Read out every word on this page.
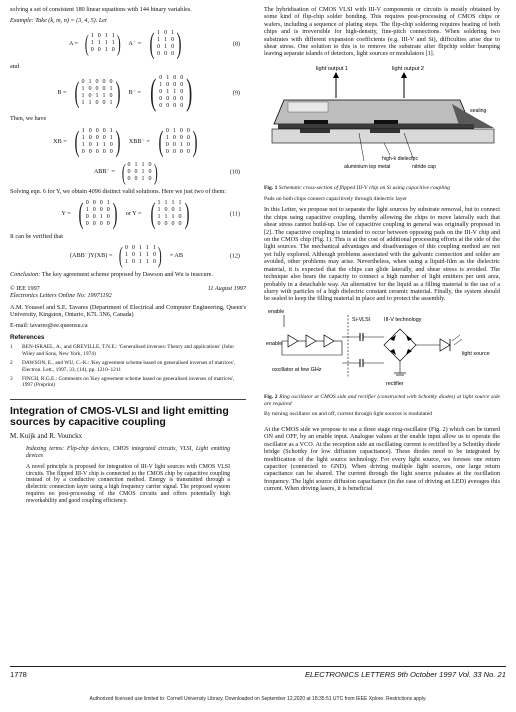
solving a set of consistent 180 linear equations with 144 binary variables.

Example: Take (k, m, n) = (3, 4, 5). Let

A = ( 1 0 1 1
1 1 1 1
0 0 1 0 ) A⁻ = ( 1 0 1
1 1 0
0 1 0
0 0 0 )	(8)

and

B = ( 0 1 0 0 0
1 0 0 0 1
1 0 1 1 0
1 1 0 0 1 ) B⁻ = ( 0 1 0 0
1 0 0 0
0 1 1 0
0 0 0 0
0 0 0 0 )	(9)

Then, we have

XB = ( 1 0 0 0 1
1 0 0 0 1
1 0 1 1 0
0 0 0 0 0 ) XBB⁻ = ( 0 1 0 0
1 0 0 0
0 0 1 0
0 0 0 0 )
ABB⁻ = ( 0 1 1 0
0 0 1 0
0 0 1 0 )	(10)

Solving eqn. 6 for Y, we obtain 4096 distinct valid solutions. Here we just two of them:

Y = ( 0 0 0 1
1 0 0 0
0 0 1 0
0 0 0 0 ) or Y = ( 1 1 1 1
1 0 0 1
1 1 1 0
0 0 0 0 )	(11)

It can be verified that

(ABB⁻)Y(XB) = ( 0 0 1 1 1
1 0 1 1 0
1 0 1 1 0 ) = AB	(12)

Conclusion: The key agreement scheme proposed by Dawson and Wu is insecure.

© IEE 1997	11 August 1997

Electronics Letters Online No: 19971192

A.M. Youssef and S.E. Tavares (Department of Electrical and Computer Engineering, Queen's University, Kingston, Ontario, K7L 3N6, Canada)

E-mail: tavares@ee.queensu.ca

References
1	BEN-ISRAEL, A., and GREVILLE, T.N.E.: 'Generalised inverses: Theory and applications' (John Wiley and Sons, New York, 1974)
2	DAWSON, E., and WU, C.-K.: 'Key agreement scheme based on generalised inverses of matrices', Electron. Lett., 1997, 33, (14), pp. 1210–1211
3	FINCH, R.G.E.: Comments on 'Key agreement scheme based on generalised inverses of matrices', 1997 (Preprint)
Integration of CMOS-VLSI and light emitting sources by capacitive coupling

M. Kuijk and R. Vounckx

Indexing terms: Flip-chip devices, CMOS integrated circuits, VLSI, Light emitting devices

A novel principle is proposed for integration of III-V light sources with CMOS VLSI circuits. The flipped III-V chip is connected to the CMOS chip by capacitive coupling instead of by a conductive connection method. Energy is transmitted through a dielectric connection layer using a high frequency carrier signal. The proposed system requires no post-processing of the CMOS circuits and offers potentially high reworkability and good coupling efficiency.

The hybridisation of CMOS VLSI with III-V components or circuits is mostly obtained by some kind of flip-chip solder bonding. This requires post-processing of CMOS chips or wafers, including a sequence of plating steps. The flip-chip soldering requires heating of both chips and is irreversible for high-density, fine-pitch connections. When soldering two substrates with different expansion coefficients (e.g. III-V and Si), difficulties arise due to shear stress. One solution to this is to remove the substrate after flipchip solder bumping leaving separate islands of detectors, light sources or modulators [1].

light output 1	light output 2
sealing
high-k dielectric
aluminium top metal	nitride cap

Fig. 1 Schematic cross-section of flipped III-V chip on Si using capacitive coupling

Pads on both chips connect capacitively through dielectric layer

In this Letter, we propose not to separate the light sources by substrate removal, but to connect the chips using capacitive coupling, thereby allowing the chips to move laterally such that shear stress cannot build-up. Use of capacitive coupling in general was originally proposed in [2]. The capacitive coupling is intended to occur between opposing pads on the III-V chip and on the CMOS chip (Fig. 1). This is at the cost of additional processing efforts at the side of the light sources. The mechanical advantages and disadvantages of this coupling method are not yet fully explored. Although problems associated with the galvanic connection and solder are avoided, other problems may arise. Nevertheless, when using a liquid-film as the dielectric material, it is expected that the chips can glide laterally, and shear stress is avoided. The technique also bears the capacity to connect a high number of light emitters per unit area, probably in a detachable way. An alternative for the liquid as a filling material is the use of a slurry with particles of a high dielectric constant ceramic material. Finally, the system should be sealed to keep the filling material in place and to protect the assembly.

enable
Si-VLSI	III-V technology
enable
light source
oscillator at few GHz
rectifier

Fig. 2 Ring oscillator at CMOS side and rectifier (constructed with Schottky diodes) at light source side are required

By turning oscillator on and off, current through light sources is modulated

At the CMOS side we propose to use a three stage ring-oscillator (Fig. 2) which can be turned ON and OFF, by an enable input. Analogue values at the enable input allow us to operate the oscillator as a VCO. At the reception side an oscillating current is rectified by a Schottky diode bridge (Schottky for low diffusion capacitance). These diodes need to be integrated by modification of the light source technology. For every light source, we foresee one return capacitor (connected to GND). When driving multiple light sources, one large return capacitance can be shared. The current through the light source pulsates at the oscillation frequency. The light source diffusion capacitance (in the case of driving an LED) averages this current. When driving lasers, it is beneficial

1778	ELECTRONICS LETTERS 9th October 1997 Vol. 33 No. 21
Authorized licensed use limited to: Cornell University Library. Downloaded on September 12,2020 at 18:35:51 UTC from IEEE Xplore. Restrictions apply.
